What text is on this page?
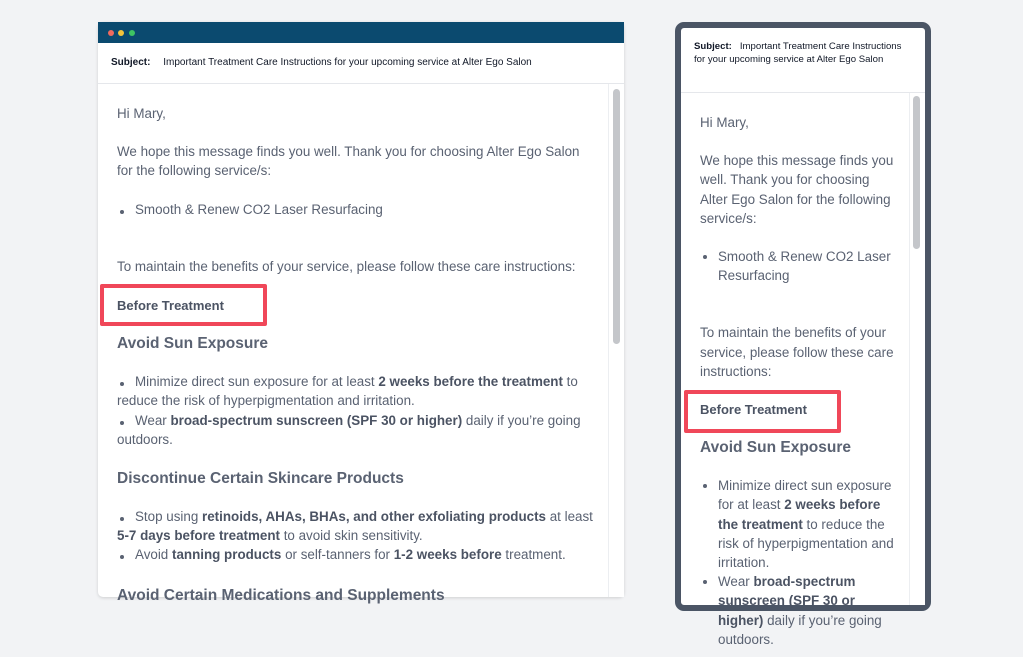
Subject: Important Treatment Care Instructions for your upcoming service at Alter Ego Salon

Hi Mary,

We hope this message finds you well. Thank you for choosing Alter Ego Salon for the following service/s:

Smooth & Renew CO2 Laser Resurfacing

To maintain the benefits of your service, please follow these care instructions:

Before Treatment

Avoid Sun Exposure
Minimize direct sun exposure for at least 2 weeks before the treatment to reduce the risk of hyperpigmentation and irritation.
Wear broad-spectrum sunscreen (SPF 30 or higher) daily if you’re going outdoors.
Discontinue Certain Skincare Products
Stop using retinoids, AHAs, BHAs, and other exfoliating products at least 5-7 days before treatment to avoid skin sensitivity.
Avoid tanning products or self-tanners for 1-2 weeks before treatment.
Avoid Certain Medications and Supplements
Subject: Important Treatment Care Instructions for your upcoming service at Alter Ego Salon

Hi Mary,

We hope this message finds you well. Thank you for choosing Alter Ego Salon for the following service/s:

Smooth & Renew CO2 Laser Resurfacing

To maintain the benefits of your service, please follow these care instructions:

Before Treatment

Avoid Sun Exposure
Minimize direct sun exposure for at least 2 weeks before the treatment to reduce the risk of hyperpigmentation and irritation.
Wear broad-spectrum sunscreen (SPF 30 or higher) daily if you’re going outdoors.
